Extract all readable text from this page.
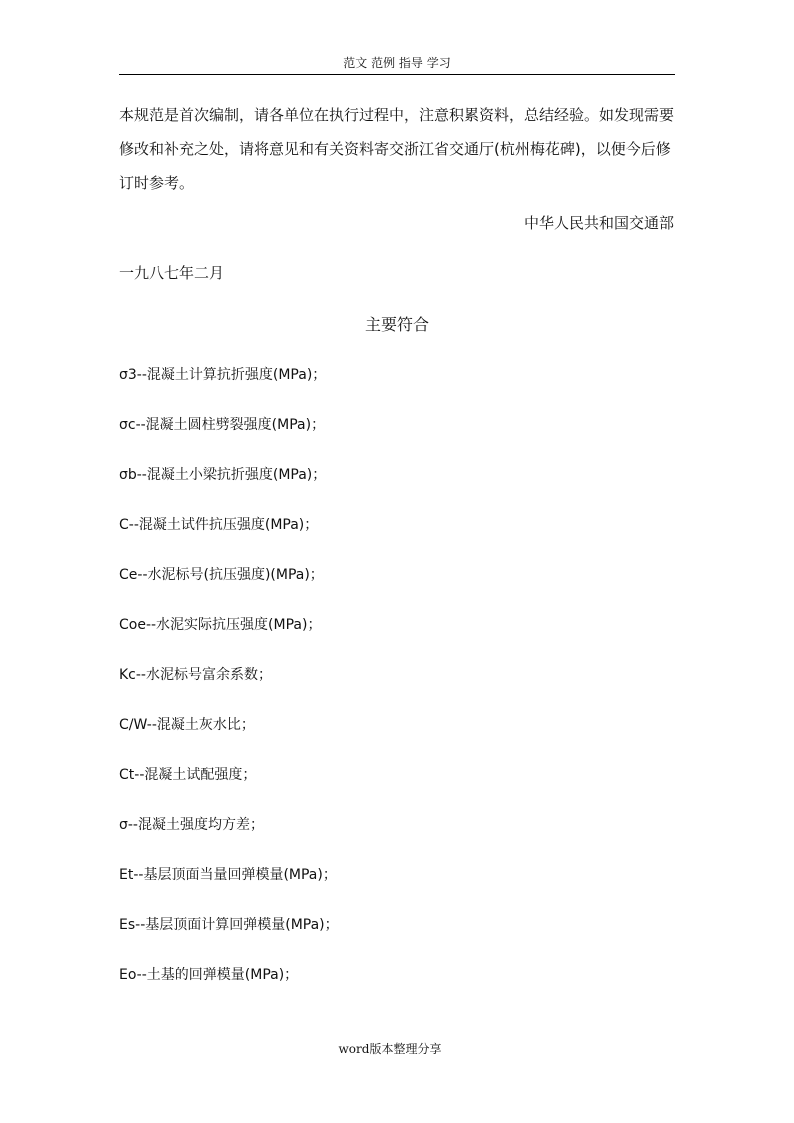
范文 范例 指导 学习

本规范是首次编制，请各单位在执行过程中，注意积累资料，总结经验。如发现需要修改和补充之处，请将意见和有关资料寄交浙江省交通厅(杭州梅花碑)，以便今后修订时参考。

中华人民共和国交通部
一九八七年二月
主要符合
σ3--混凝土计算抗折强度(MPa)；
σc--混凝土圆柱劈裂强度(MPa)；
σb--混凝土小梁抗折强度(MPa)；
C--混凝土试件抗压强度(MPa)；
Ce--水泥标号(抗压强度)(MPa)；
Coe--水泥实际抗压强度(MPa)；
Kc--水泥标号富余系数；
C/W--混凝土灰水比；
Ct--混凝土试配强度；
σ--混凝土强度均方差；
Et--基层顶面当量回弹模量(MPa)；
Es--基层顶面计算回弹模量(MPa)；
Eo--土基的回弹模量(MPa)；
word版本整理分享
